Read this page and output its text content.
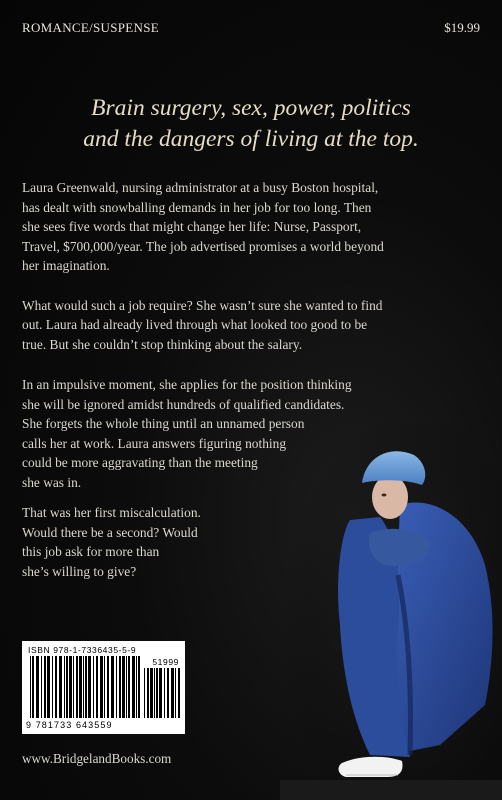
ROMANCE/SUSPENSE	$19.99
Brain surgery, sex, power, politics
and the dangers of living at the top.
Laura Greenwald, nursing administrator at a busy Boston hospital,
has dealt with snowballing demands in her job for too long. Then
she sees five words that might change her life: Nurse, Passport,
Travel, $700,000/year. The job advertised promises a world beyond
her imagination.
What would such a job require? She wasn’t sure she wanted to find
out. Laura had already lived through what looked too good to be
true. But she couldn’t stop thinking about the salary.
In an impulsive moment, she applies for the position thinking
she will be ignored amidst hundreds of qualified candidates.
She forgets the whole thing until an unnamed person
calls her at work. Laura answers figuring nothing
could be more aggravating than the meeting
she was in.
That was her first miscalculation.
Would there be a second? Would
this job ask for more than
she’s willing to give?
ISBN 978-1-7336435-5-9
51999
9 781733 643559
www.BridgelandBooks.com
